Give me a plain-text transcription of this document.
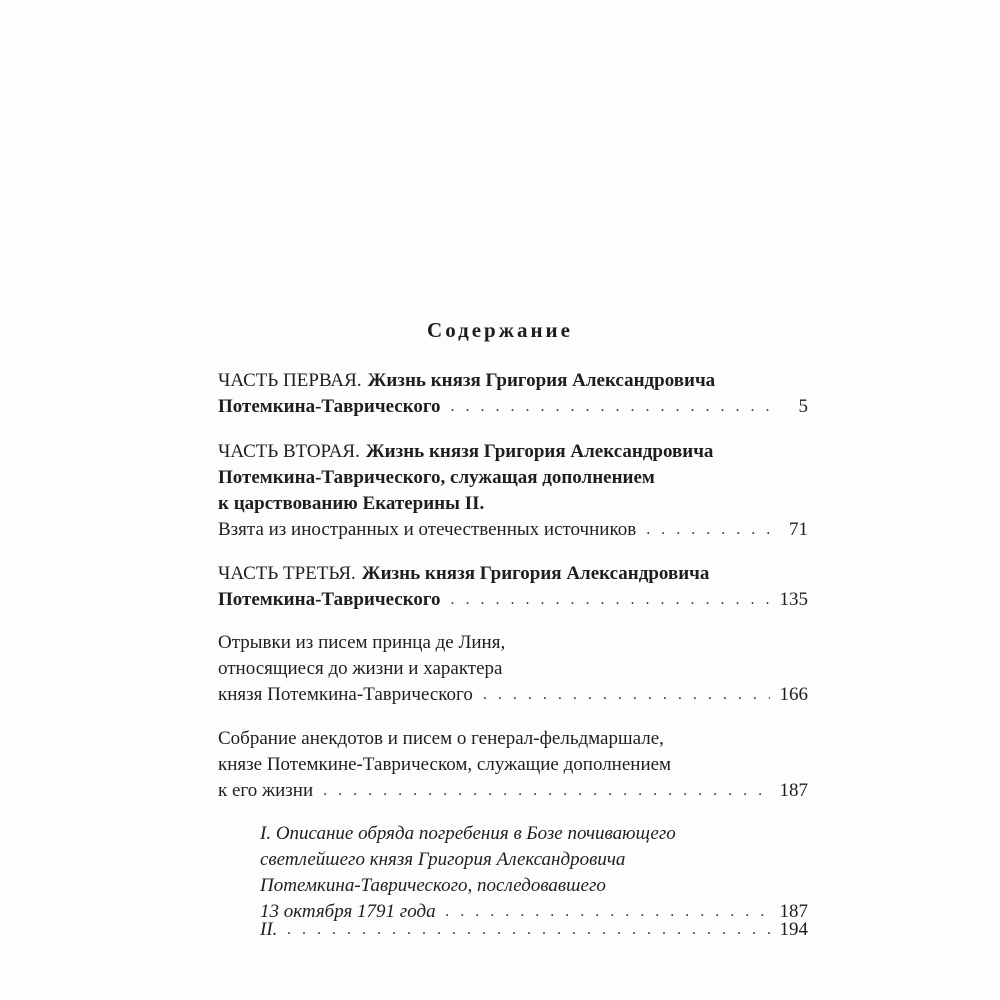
Содержание
ЧАСТЬ ПЕРВАЯ. Жизнь князя Григория Александровича
Потемкина-Таврического . . .	5
ЧАСТЬ ВТОРАЯ. Жизнь князя Григория Александровича
Потемкина-Таврического, служащая дополнением
к царствованию Екатерины II.
Взята из иностранных и отечественных источников . . .	71
ЧАСТЬ ТРЕТЬЯ. Жизнь князя Григория Александровича
Потемкина-Таврического . . .	135
Отрывки из писем принца де Линя,
относящиеся до жизни и характера
князя Потемкина-Таврического . . .	166
Собрание анекдотов и писем о генерал-фельдмаршале,
князе Потемкине-Таврическом, служащие дополнением
к его жизни . . .	187
I. Описание обряда погребения в Бозе почивающего
светлейшего князя Григория Александровича
Потемкина-Таврического, последовавшего
13 октября 1791 года . . .	187
II. . . .	194
